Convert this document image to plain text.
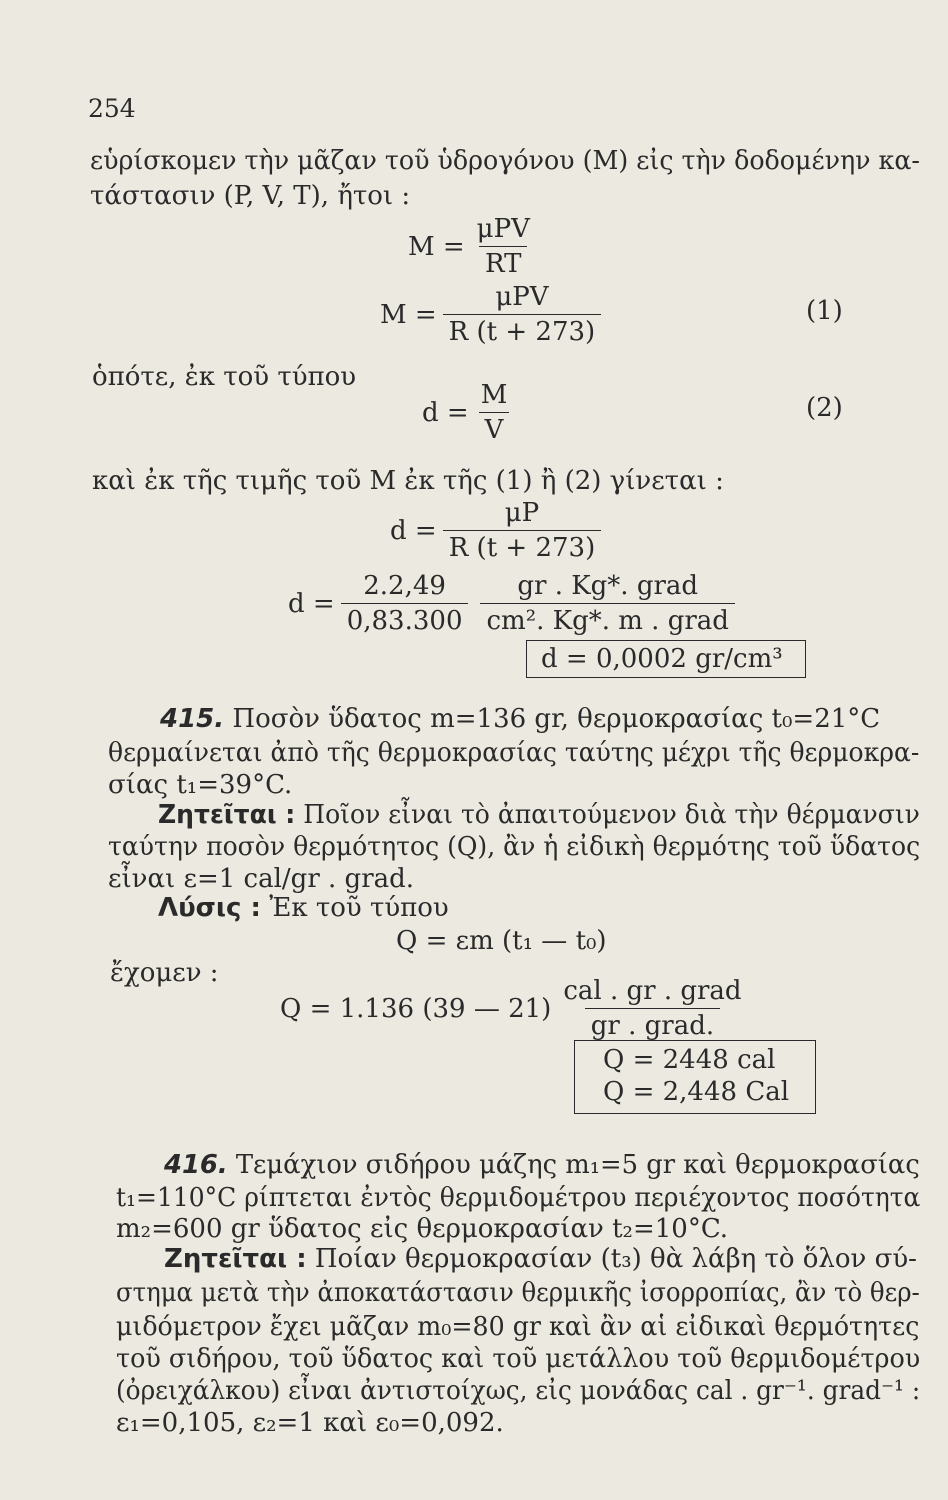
254
εὑρίσκομεν τὴν μᾶζαν τοῦ ὑδρογόνου (M) εἰς τὴν δοδομένην κα-
τάστασιν (P, V, T), ἤτοι :
$M = \frac{\text{μPV}}{RT}$
$M = \frac{\text{μPV}}{R (t + 273)}$	(1)
ὁπότε, ἐκ τοῦ τύπου
$d = \frac{M}{V}$	(2)
καὶ ἐκ τῆς τιμῆς τοῦ M ἐκ τῆς (1) ἢ (2) γίνεται :
$d = \frac{\mu P}{R (t + 273)}$
$d = \frac{2.2,49}{0,83.300} \frac{\text{gr . Kg*. grad}}{\text{cm². Kg*. m . grad}}$
d = 0,0002 gr/cm³
415. Ποσὸν ὕδατος m=136 gr, θερμοκρασίας t₀=21°C
θερμαίνεται ἀπὸ τῆς θερμοκρασίας ταύτης μέχρι τῆς θερμοκρα-
σίας t₁=39°C.
Ζητεῖται : Ποῖον εἶναι τὸ ἀπαιτούμενον διὰ τὴν θέρμανσιν
ταύτην ποσὸν θερμότητος (Q), ἂν ἡ εἰδικὴ θερμότης τοῦ ὕδατος
εἶναι ε=1 cal/gr . grad.
Λύσις : Ἐκ τοῦ τύπου
Q = εm (t₁ — t₀)
ἔχομεν :
Q = 1.136 (39 — $21) \frac{\text{cal . gr . grad}}{\text{gr . grad.}}$
Q = 2448 cal
Q = 2,448 Cal
416. Τεμάχιον σιδήρου μάζης m₁=5 gr καὶ θερμοκρασίας
t₁=110°C ρίπτεται ἐντὸς θερμιδομέτρου περιέχοντος ποσότητα
m₂=600 gr ὕδατος εἰς θερμοκρασίαν t₂=10°C.
Ζητεῖται : Ποίαν θερμοκρασίαν (t₃) θὰ λάβη τὸ ὅλον σύ-
στημα μετὰ τὴν ἀποκατάστασιν θερμικῆς ἰσορροπίας, ἂν τὸ θερ-
μιδόμετρον ἔχει μᾶζαν m₀=80 gr καὶ ἂν αἱ εἰδικαὶ θερμότητες
τοῦ σιδήρου, τοῦ ὕδατος καὶ τοῦ μετάλλου τοῦ θερμιδομέτρου
(ὀρειχάλκου) εἶναι ἀντιστοίχως, εἰς μονάδας cal . gr⁻¹. grad⁻¹ :
ε₁=0,105, ε₂=1 καὶ ε₀=0,092.
